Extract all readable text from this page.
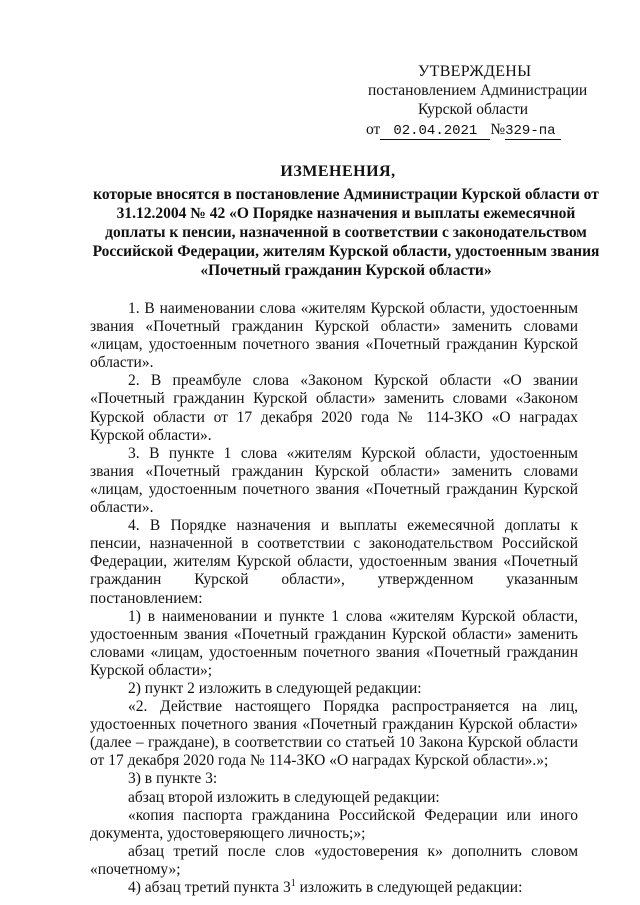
УТВЕРЖДЕНЫ
постановлением Администрации
Курской области
от 02.04.2021 №329-па
ИЗМЕНЕНИЯ,
которые вносятся в постановление Администрации Курской области от 31.12.2004 № 42 «О Порядке назначения и выплаты ежемесячной доплаты к пенсии, назначенной в соответствии с законодательством Российской Федерации, жителям Курской области, удостоенным звания «Почетный гражданин Курской области»

1. В наименовании слова «жителям Курской области, удостоенным звания «Почетный гражданин Курской области» заменить словами «лицам, удостоенным почетного звания «Почетный гражданин Курской области».

2. В преамбуле слова «Законом Курской области «О звании «Почетный гражданин Курской области» заменить словами «Законом Курской области от 17 декабря 2020 года № 114-ЗКО «О наградах Курской области».

3. В пункте 1 слова «жителям Курской области, удостоенным звания «Почетный гражданин Курской области» заменить словами «лицам, удостоенным почетного звания «Почетный гражданин Курской области».

4. В Порядке назначения и выплаты ежемесячной доплаты к пенсии, назначенной в соответствии с законодательством Российской Федерации, жителям Курской области, удостоенным звания «Почетный гражданин Курской области», утвержденном указанным постановлением:

1) в наименовании и пункте 1 слова «жителям Курской области, удостоенным звания «Почетный гражданин Курской области» заменить словами «лицам, удостоенным почетного звания «Почетный гражданин Курской области»;

2) пункт 2 изложить в следующей редакции:

«2. Действие настоящего Порядка распространяется на лиц, удостоенных почетного звания «Почетный гражданин Курской области» (далее – граждане), в соответствии со статьей 10 Закона Курской области от 17 декабря 2020 года № 114-ЗКО «О наградах Курской области».»;

3) в пункте 3:

абзац второй изложить в следующей редакции:

«копия паспорта гражданина Российской Федерации или иного документа, удостоверяющего личность;»;

абзац третий после слов «удостоверения к» дополнить словом «почетному»;

4) абзац третий пункта $3^1$ изложить в следующей редакции:
